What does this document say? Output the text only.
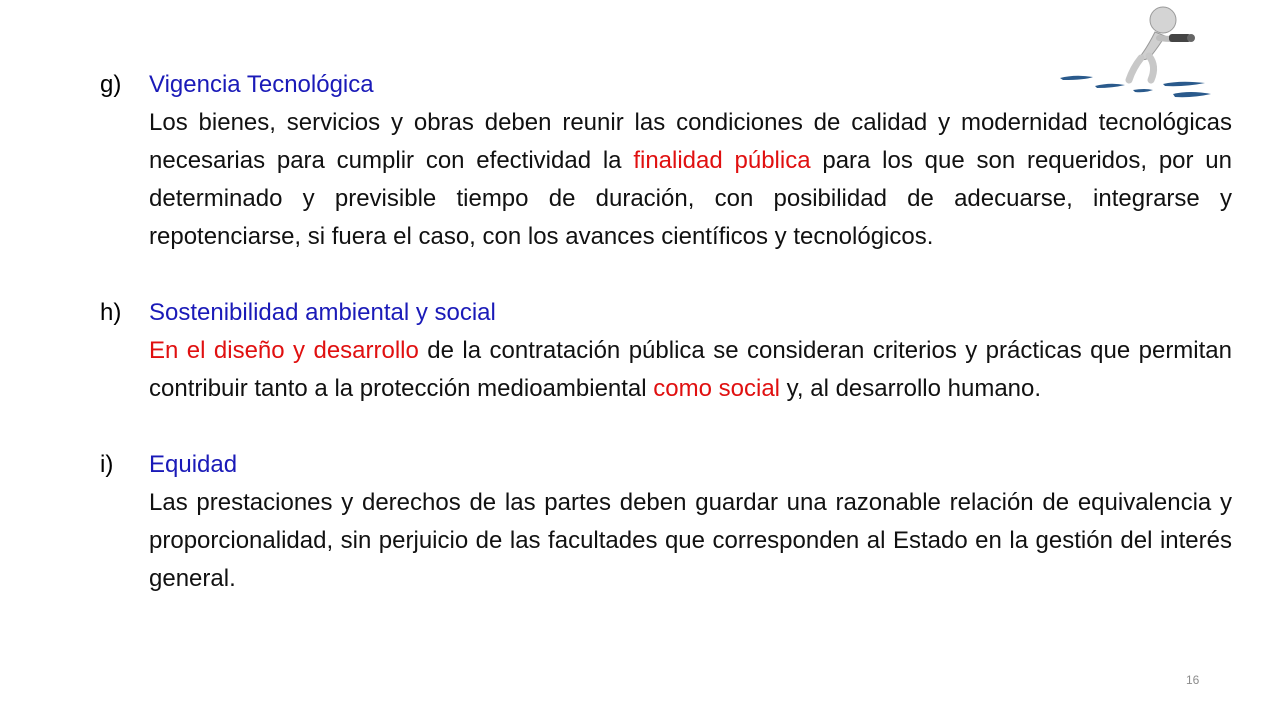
g)	Vigencia Tecnológica
Los bienes, servicios y obras deben reunir las condiciones de calidad y modernidad tecnológicas necesarias para cumplir con efectividad la finalidad pública para los que son requeridos, por un determinado y previsible tiempo de duración, con posibilidad de adecuarse, integrarse y repotenciarse, si fuera el caso, con los avances científicos y tecnológicos.
h)	Sostenibilidad ambiental y social
En el diseño y desarrollo de la contratación pública se consideran criterios y prácticas que permitan contribuir tanto a la protección medioambiental como social y, al desarrollo humano.
i)	Equidad
Las prestaciones y derechos de las partes deben guardar una razonable relación de equivalencia y proporcionalidad, sin perjuicio de las facultades que corresponden al Estado en la gestión del interés general.
16
